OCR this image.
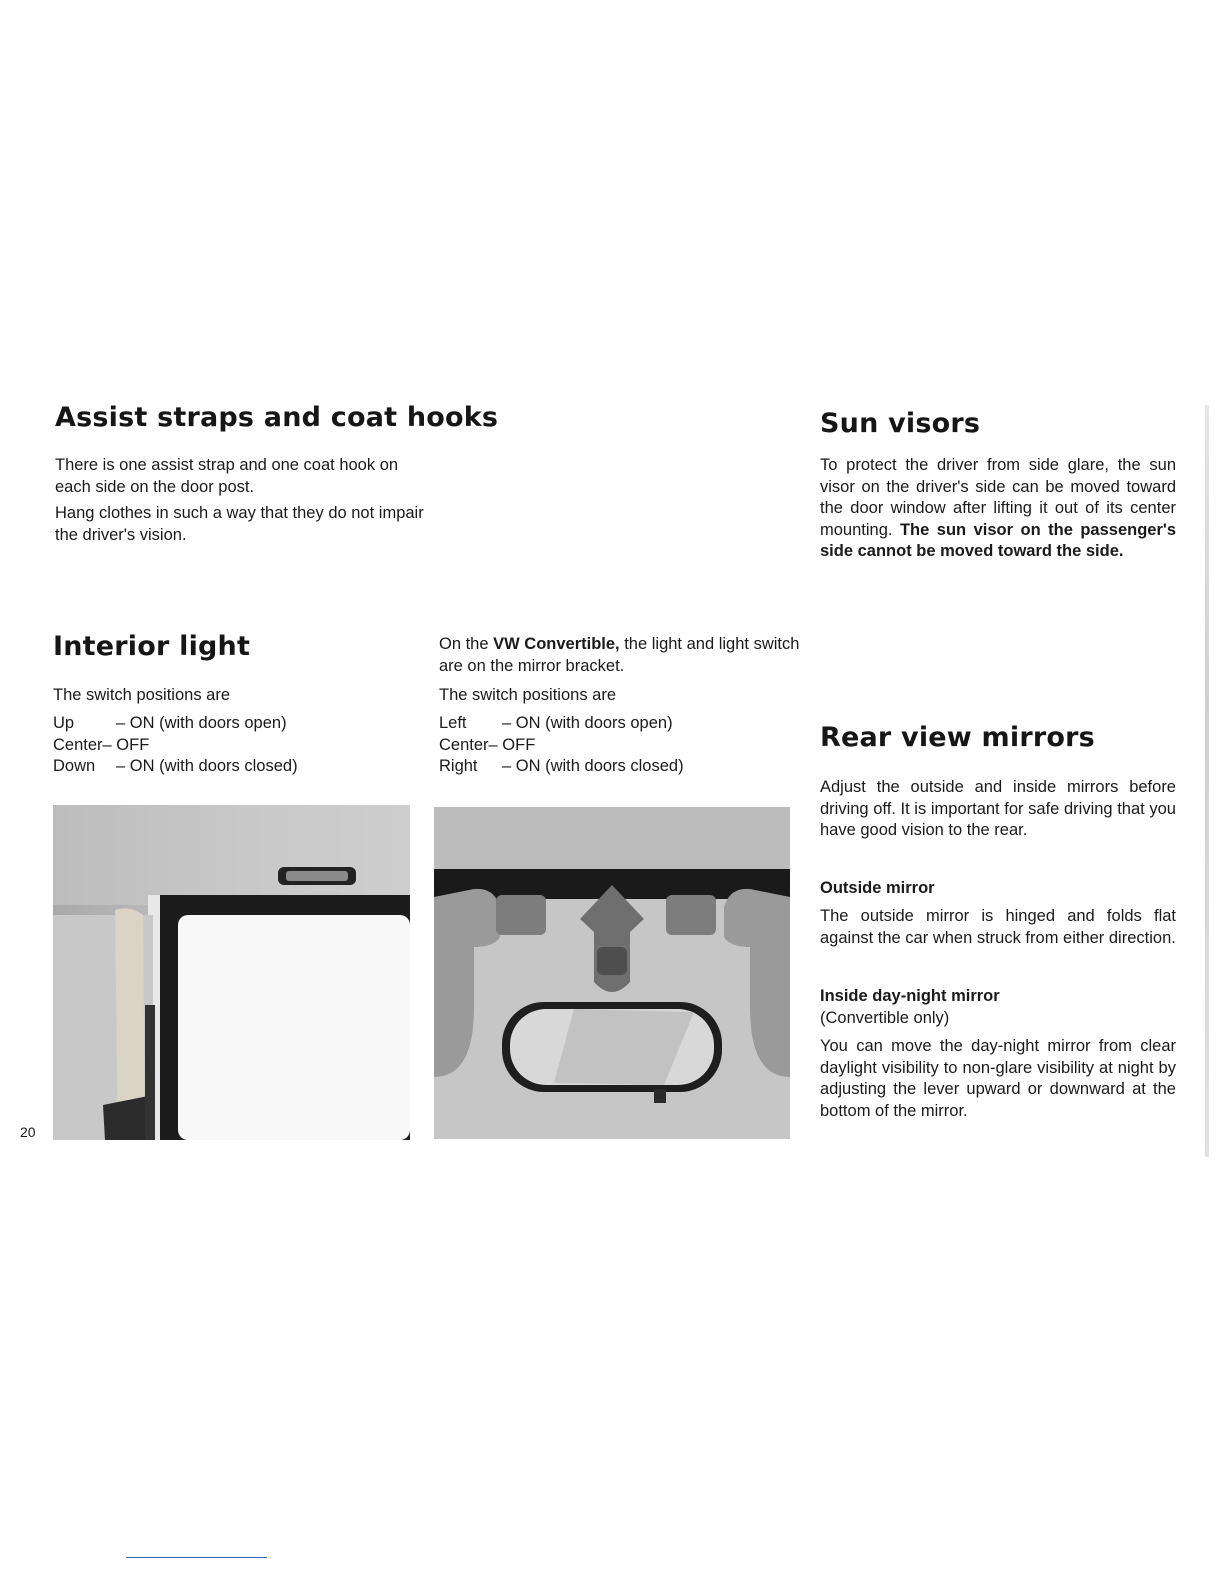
Assist straps and coat hooks

There is one assist strap and one coat hook on each side on the door post.

Hang clothes in such a way that they do not impair the driver's vision.

Interior light

The switch positions are

Up	– ON (with doors open)
Center– OFF
Down – ON (with doors closed)

On the VW Convertible, the light and light switch are on the mirror bracket.

The switch positions are

Left – ON (with doors open)
Center– OFF
Right – ON (with doors closed)
Sun visors

To protect the driver from side glare, the sun visor on the driver's side can be moved toward the door window after lifting it out of its center mounting. The sun visor on the passenger's side cannot be moved toward the side.

Rear view mirrors

Adjust the outside and inside mirrors before driving off. It is important for safe driving that you have good vision to the rear.

Outside mirror

The outside mirror is hinged and folds flat against the car when struck from either direction.

Inside day-night mirror

(Convertible only)

You can move the day-night mirror from clear daylight visibility to non-glare visibility at night by adjusting the lever upward or downward at the bottom of the mirror.

20
